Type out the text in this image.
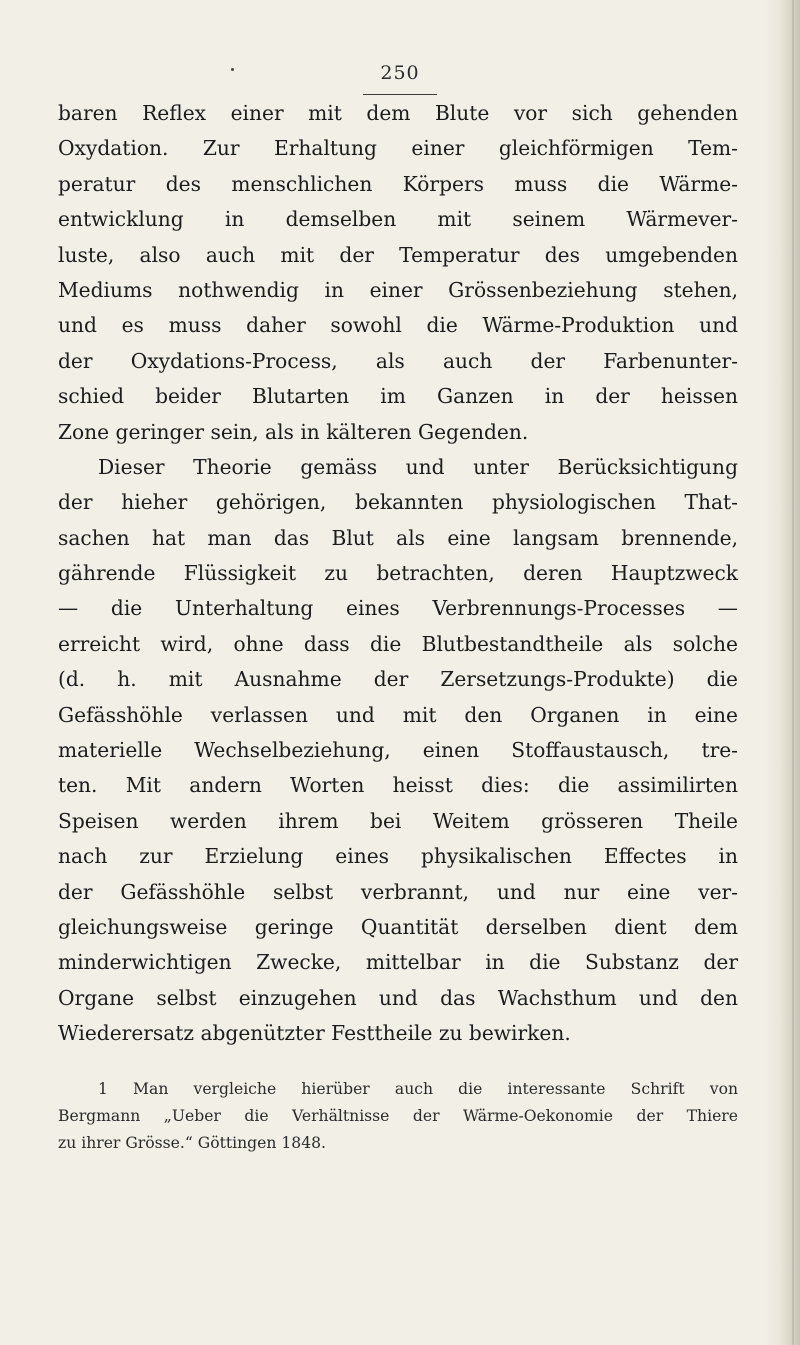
250
baren Reflex einer mit dem Blute vor sich gehenden
Oxydation. Zur Erhaltung einer gleichförmigen Tem-
peratur des menschlichen Körpers muss die Wärme-
entwicklung in demselben mit seinem Wärmever-
luste, also auch mit der Temperatur des umgebenden
Mediums nothwendig in einer Grössenbeziehung stehen,
und es muss daher sowohl die Wärme-Produktion und
der Oxydations-Process, als auch der Farbenunter-
schied beider Blutarten im Ganzen in der heissen
Zone geringer sein, als in kälteren Gegenden.
Dieser Theorie gemäss und unter Berücksichtigung
der hieher gehörigen, bekannten physiologischen That-
sachen hat man das Blut als eine langsam brennende,
gährende Flüssigkeit zu betrachten, deren Hauptzweck
— die Unterhaltung eines Verbrennungs-Processes —
erreicht wird, ohne dass die Blutbestandtheile als solche
(d. h. mit Ausnahme der Zersetzungs-Produkte) die
Gefässhöhle verlassen und mit den Organen in eine
materielle Wechselbeziehung, einen Stoffaustausch, tre-
ten. Mit andern Worten heisst dies: die assimilirten
Speisen werden ihrem bei Weitem grösseren Theile
nach zur Erzielung eines physikalischen Effectes in
der Gefässhöhle selbst verbrannt, und nur eine ver-
gleichungsweise geringe Quantität derselben dient dem
minderwichtigen Zwecke, mittelbar in die Substanz der
Organe selbst einzugehen und das Wachsthum und den
Wiederersatz abgenützter Festtheile zu bewirken.
1 Man vergleiche hierüber auch die interessante Schrift von
Bergmann „Ueber die Verhältnisse der Wärme-Oekonomie der Thiere
zu ihrer Grösse.“ Göttingen 1848.
